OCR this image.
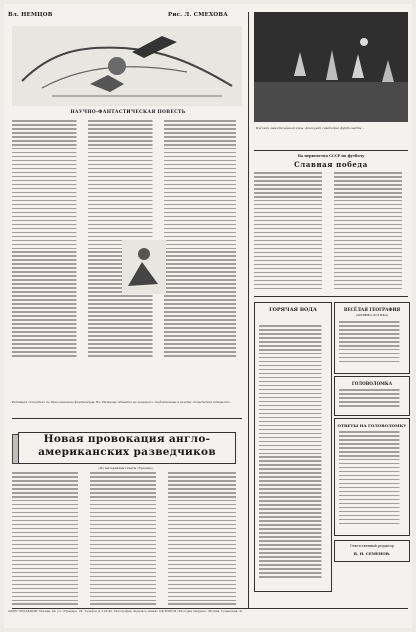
Вл. НЕМЦОВ	Рис. Л. СМЕХОВА
НАУЧНО-ФАНТАСТИЧЕСКАЯ ПОВЕСТЬ
Редакция «Сегодня» по Приглашению фантазёров, Вл. Немцова «Рэкеты на гейзерах» опубликована в газете «Советский патриот».
Новая провокация англо-американских разведчиков
(По материалам газеты «Уралец»)
Кусочек ожесточённой игры. Атакуют советские футболисты...
На первенство СССР по футболу
Славная победа
ГОРЯЧАЯ ВОДА	ВЕСЁЛАЯ ГЕОГРАФИЯ
(АРИФМО-ЛОГИКА)
ГОЛОВОЛОМКА
ОТВЕТЫ НА ГОЛОВОЛОМКУ
Ответственный редактор
В. Н. СЕМЕНОВ.
АДРЕС РЕДАКЦИИ: Москва, 40, ул. «Правды», 24. Телефон Д 3-20-40. Типография «Красное знамя» ЦК ВЛКСМ «Молодая гвардия», Москва, Сущевская, 21.
